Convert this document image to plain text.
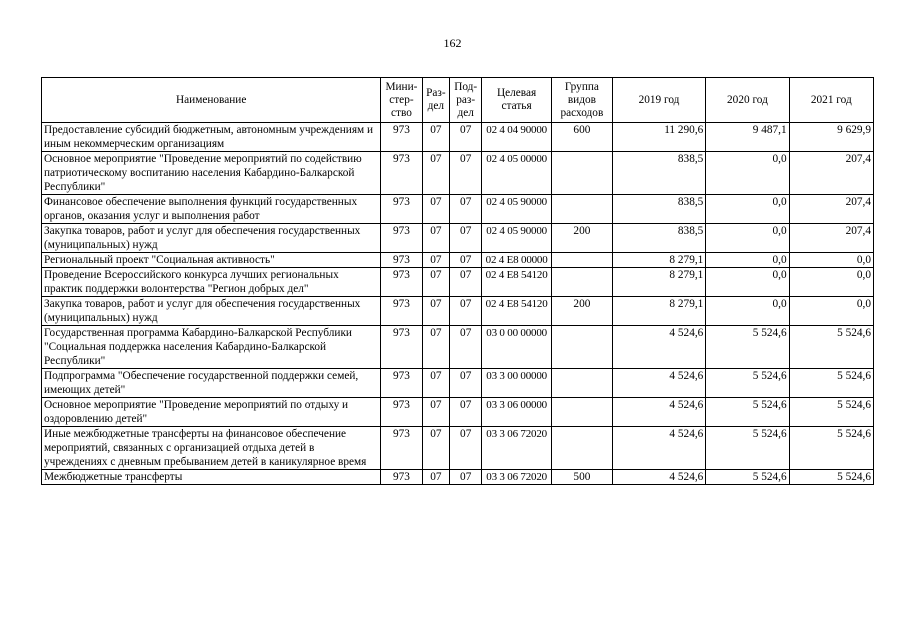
162
Наименование	Мини-стер-ство	Раз-дел	Под-раз-дел	Целевая статья	Группа видов расходов	2019 год	2020 год	2021 год
Предоставление субсидий бюджетным, автономным учреждениям и иным некоммерческим организациям	973	07	07	02 4 04 90000	600	11 290,6	9 487,1	9 629,9
Основное мероприятие "Проведение мероприятий по содействию патриотическому воспитанию населения Кабардино-Балкарской Республики"	973	07	07	02 4 05 00000		838,5	0,0	207,4
Финансовое обеспечение выполнения функций государственных органов, оказания услуг и выполнения работ	973	07	07	02 4 05 90000		838,5	0,0	207,4
Закупка товаров, работ и услуг для обеспечения государственных (муниципальных) нужд	973	07	07	02 4 05 90000	200	838,5	0,0	207,4
Региональный проект "Социальная активность"	973	07	07	02 4 E8 00000		8 279,1	0,0	0,0
Проведение Всероссийского конкурса лучших региональных практик поддержки волонтерства "Регион добрых дел"	973	07	07	02 4 E8 54120		8 279,1	0,0	0,0
Закупка товаров, работ и услуг для обеспечения государственных (муниципальных) нужд	973	07	07	02 4 E8 54120	200	8 279,1	0,0	0,0
Государственная программа Кабардино-Балкарской Республики "Социальная поддержка населения Кабардино-Балкарской Республики"	973	07	07	03 0 00 00000		4 524,6	5 524,6	5 524,6
Подпрограмма "Обеспечение государственной поддержки семей, имеющих детей"	973	07	07	03 3 00 00000		4 524,6	5 524,6	5 524,6
Основное мероприятие "Проведение мероприятий по отдыху и оздоровлению детей"	973	07	07	03 3 06 00000		4 524,6	5 524,6	5 524,6
Иные межбюджетные трансферты на финансовое обеспечение мероприятий, связанных с организацией отдыха детей в учреждениях с дневным пребыванием детей в каникулярное время	973	07	07	03 3 06 72020		4 524,6	5 524,6	5 524,6
Межбюджетные трансферты	973	07	07	03 3 06 72020	500	4 524,6	5 524,6	5 524,6
